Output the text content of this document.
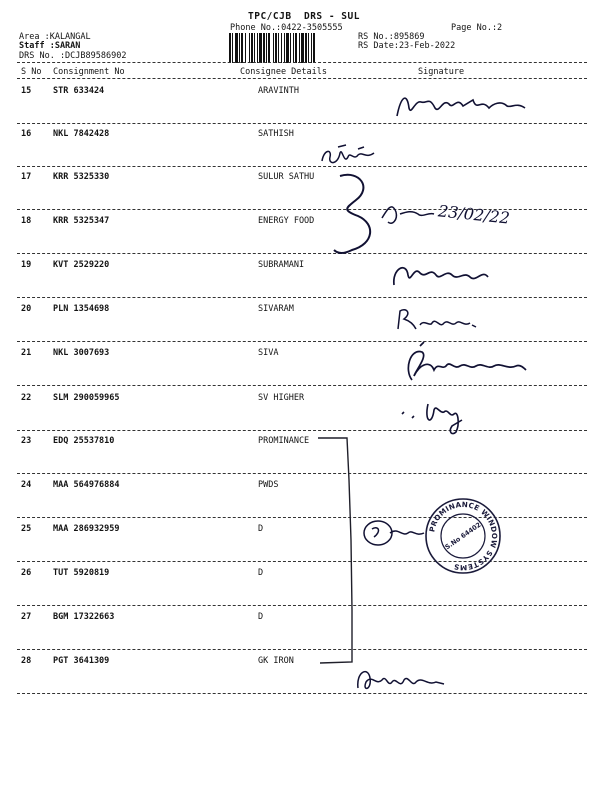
TPC/CJB  DRS - SUL
Phone No.:0422-3505555	Page No.:2
Area :KALANGAL
Staff :SARAN
DRS No. :DCJB89586902
RS No.:895869
RS Date:23-Feb-2022
S No Consignment No	Consignee Details	Signature
15	STR 633424	ARAVINTH
16	NKL 7842428	SATHISH
17	KRR 5325330	SULUR SATHU
18	KRR 5325347	ENERGY FOOD
19	KVT 2529220	SUBRAMANI
20	PLN 1354698	SIVARAM
21	NKL 3007693	SIVA
22	SLM 290059965	SV HIGHER
23	EDQ 25537810	PROMINANCE
24	MAA 564976884	PWDS
25	MAA 286932959	D
26	TUT 5920819	D
27	BGM 17322663	D
28	PGT 3641309	GK IRON
23/02/22
PROMINANCE WINDOW SYSTEMS
S.No 64402
